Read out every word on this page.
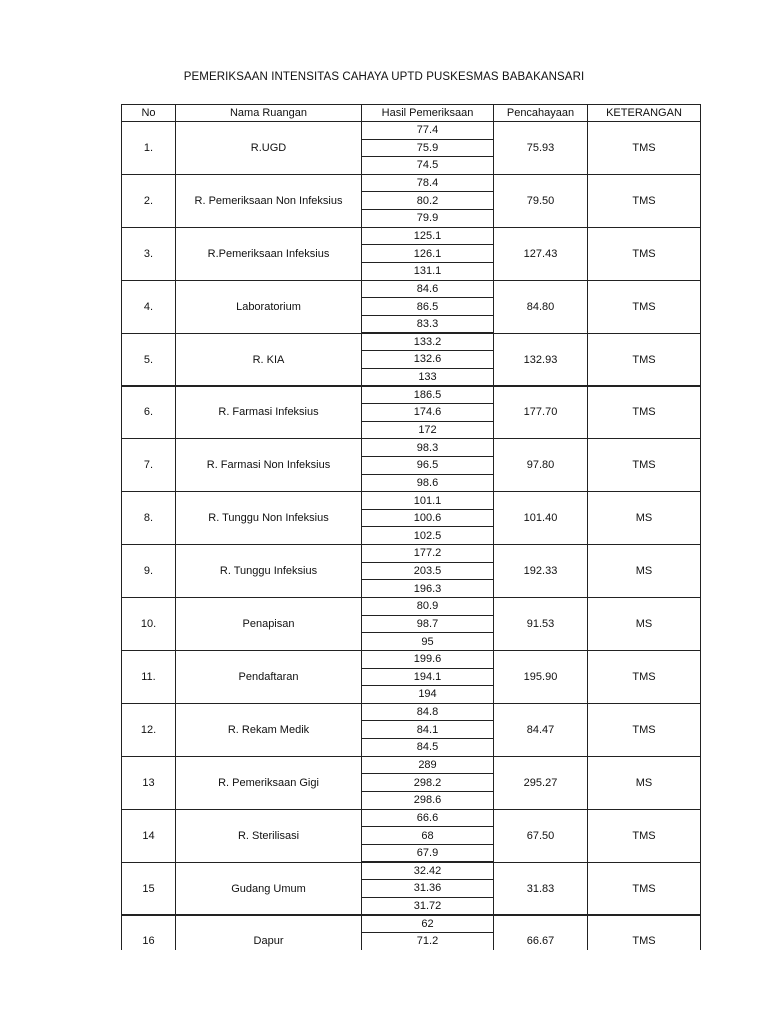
PEMERIKSAAN INTENSITAS CAHAYA UPTD PUSKESMAS BABAKANSARI
No	Nama Ruangan	Hasil Pemeriksaan	Pencahayaan	KETERANGAN
1.	R.UGD
77.4
75.9
74.5
75.93	TMS
2.	R. Pemeriksaan Non Infeksius
78.4
80.2
79.9
79.50	TMS
3.	R.Pemeriksaan Infeksius
125.1
126.1
131.1
127.43	TMS
4.	Laboratorium
84.6
86.5
83.3
84.80	TMS
5.	R. KIA
133.2
132.6
133
132.93	TMS
6.	R. Farmasi Infeksius
186.5
174.6
172
177.70	TMS
7.	R. Farmasi Non Infeksius
98.3
96.5
98.6
97.80	TMS
8.	R. Tunggu Non Infeksius
101.1
100.6
102.5
101.40	MS
9.	R. Tunggu Infeksius
177.2
203.5
196.3
192.33	MS
10.	Penapisan
80.9
98.7
95
91.53	MS
11.	Pendaftaran
199.6
194.1
194
195.90	TMS
12.	R. Rekam Medik
84.8
84.1
84.5
84.47	TMS
13	R. Pemeriksaan Gigi
289
298.2
298.6
295.27	MS
14	R. Sterilisasi
66.6
68
67.9
67.50	TMS
15	Gudang Umum
32.42
31.36
31.72
31.83	TMS
16	Dapur
62
71.2	66.67	TMS
